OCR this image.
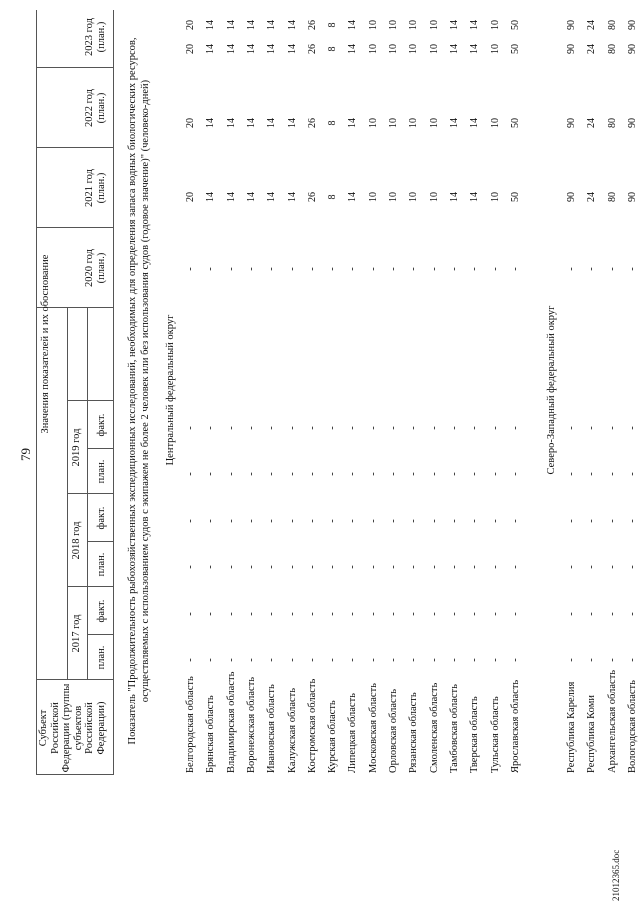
79
Субъект Российской Федерации (группы субъектов Российской Федерации)
Значения показателей и их обоснование
2017 год
2018 год
2019 год
план.
факт.
план.
факт.
план.
факт.
2020 год (план.)
2021 год (план.)
2022 год (план.)
2023 год (план.)
Показатель "Продолжительность рыбохозяйственных экспедиционных исследований, необходимых для определения запаса водных биологических ресурсов, осуществляемых с использованием судов с экипажем не более 2 человек или без использования судов (годовое значение)" (человеко-дней) Центральный федеральный округ
Белгородская область
-
-
-
-
-
-
-
20
20
20
20
Брянская область
-
-
-
-
-
-
-
14
14
14
14
Владимирская область
-
-
-
-
-
-
-
14
14
14
14
Воронежская область
-
-
-
-
-
-
-
14
14
14
14
Ивановская область
-
-
-
-
-
-
-
14
14
14
14
Калужская область
-
-
-
-
-
-
-
14
14
14
14
Костромская область
-
-
-
-
-
-
-
26
26
26
26
Курская область
-
-
-
-
-
-
-
8
8
8
8
Липецкая область
-
-
-
-
-
-
-
14
14
14
14
Московская область
-
-
-
-
-
-
-
10
10
10
10
Орловская область
-
-
-
-
-
-
-
10
10
10
10
Рязанская область
-
-
-
-
-
-
-
10
10
10
10
Смоленская область
-
-
-
-
-
-
-
10
10
10
10
Тамбовская область
-
-
-
-
-
-
-
14
14
14
14
Тверская область
-
-
-
-
-
-
-
14
14
14
14
Тульская область
-
-
-
-
-
-
-
10
10
10
10
Ярославская область
-
-
-
-
-
-
-
50
50
50
50
Северо-Западный федеральный округ
Республика Карелия
-
-
-
-
-
-
-
90
90
90
90
Республика Коми
-
-
-
-
-
-
-
24
24
24
24
Архангельская область
-
-
-
-
-
-
-
80
80
80
80
Вологодская область
-
-
-
-
-
-
-
90
90
90
90
21012365.doc
